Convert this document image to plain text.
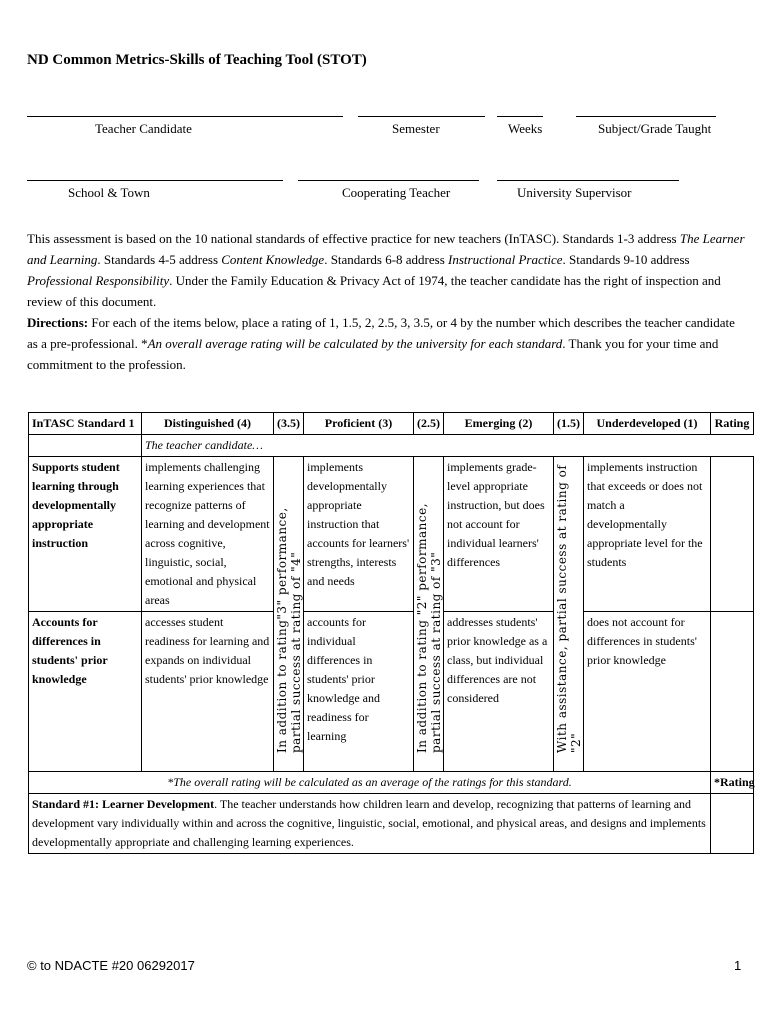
ND Common Metrics-Skills of Teaching Tool (STOT)
Teacher Candidate	Semester	Weeks	Subject/Grade Taught
School & Town	Cooperating Teacher	University Supervisor
This assessment is based on the 10 national standards of effective practice for new teachers (InTASC). Standards 1-3 address The Learner and Learning. Standards 4-5 address Content Knowledge. Standards 6-8 address Instructional Practice. Standards 9-10 address Professional Responsibility. Under the Family Education & Privacy Act of 1974, the teacher candidate has the right of inspection and review of this document.
Directions: For each of the items below, place a rating of 1, 1.5, 2, 2.5, 3, 3.5, or 4 by the number which describes the teacher candidate as a pre-professional. *An overall average rating will be calculated by the university for each standard. Thank you for your time and commitment to the profession.
InTASC Standard 1	Distinguished (4)	(3.5)	Proficient (3)	(2.5)	Emerging (2)	(1.5)	Underdeveloped (1)	Rating
	The teacher candidate…							
Supports student learning through developmentally appropriate instruction	implements challenging learning experiences that recognize patterns of learning and development across cognitive, linguistic, social, emotional and physical areas	In addition to rating"3" performance, partial success at rating of "4"	implements developmentally appropriate instruction that accounts for learners' strengths, interests and needs	In addition to rating "2" performance, partial success at rating of "3"	implements grade-level appropriate instruction, but does not account for individual learners' differences	With assistance, partial success at rating of "2"	implements instruction that exceeds or does not match a developmentally appropriate level for the students	
Accounts for differences in students' prior knowledge	accesses student readiness for learning and expands on individual students' prior knowledge		accounts for individual differences in students' prior knowledge and readiness for learning		addresses students' prior knowledge as a class, but individual differences are not considered		does not account for differences in students' prior knowledge	
*The overall rating will be calculated as an average of the ratings for this standard.								*Rating
Standard #1: Learner Development. The teacher understands how children learn and develop, recognizing that patterns of learning and development vary individually within and across the cognitive, linguistic, social, emotional, and physical areas, and designs and implements developmentally appropriate and challenging learning experiences.								
© to NDACTE #20 06292017	1
